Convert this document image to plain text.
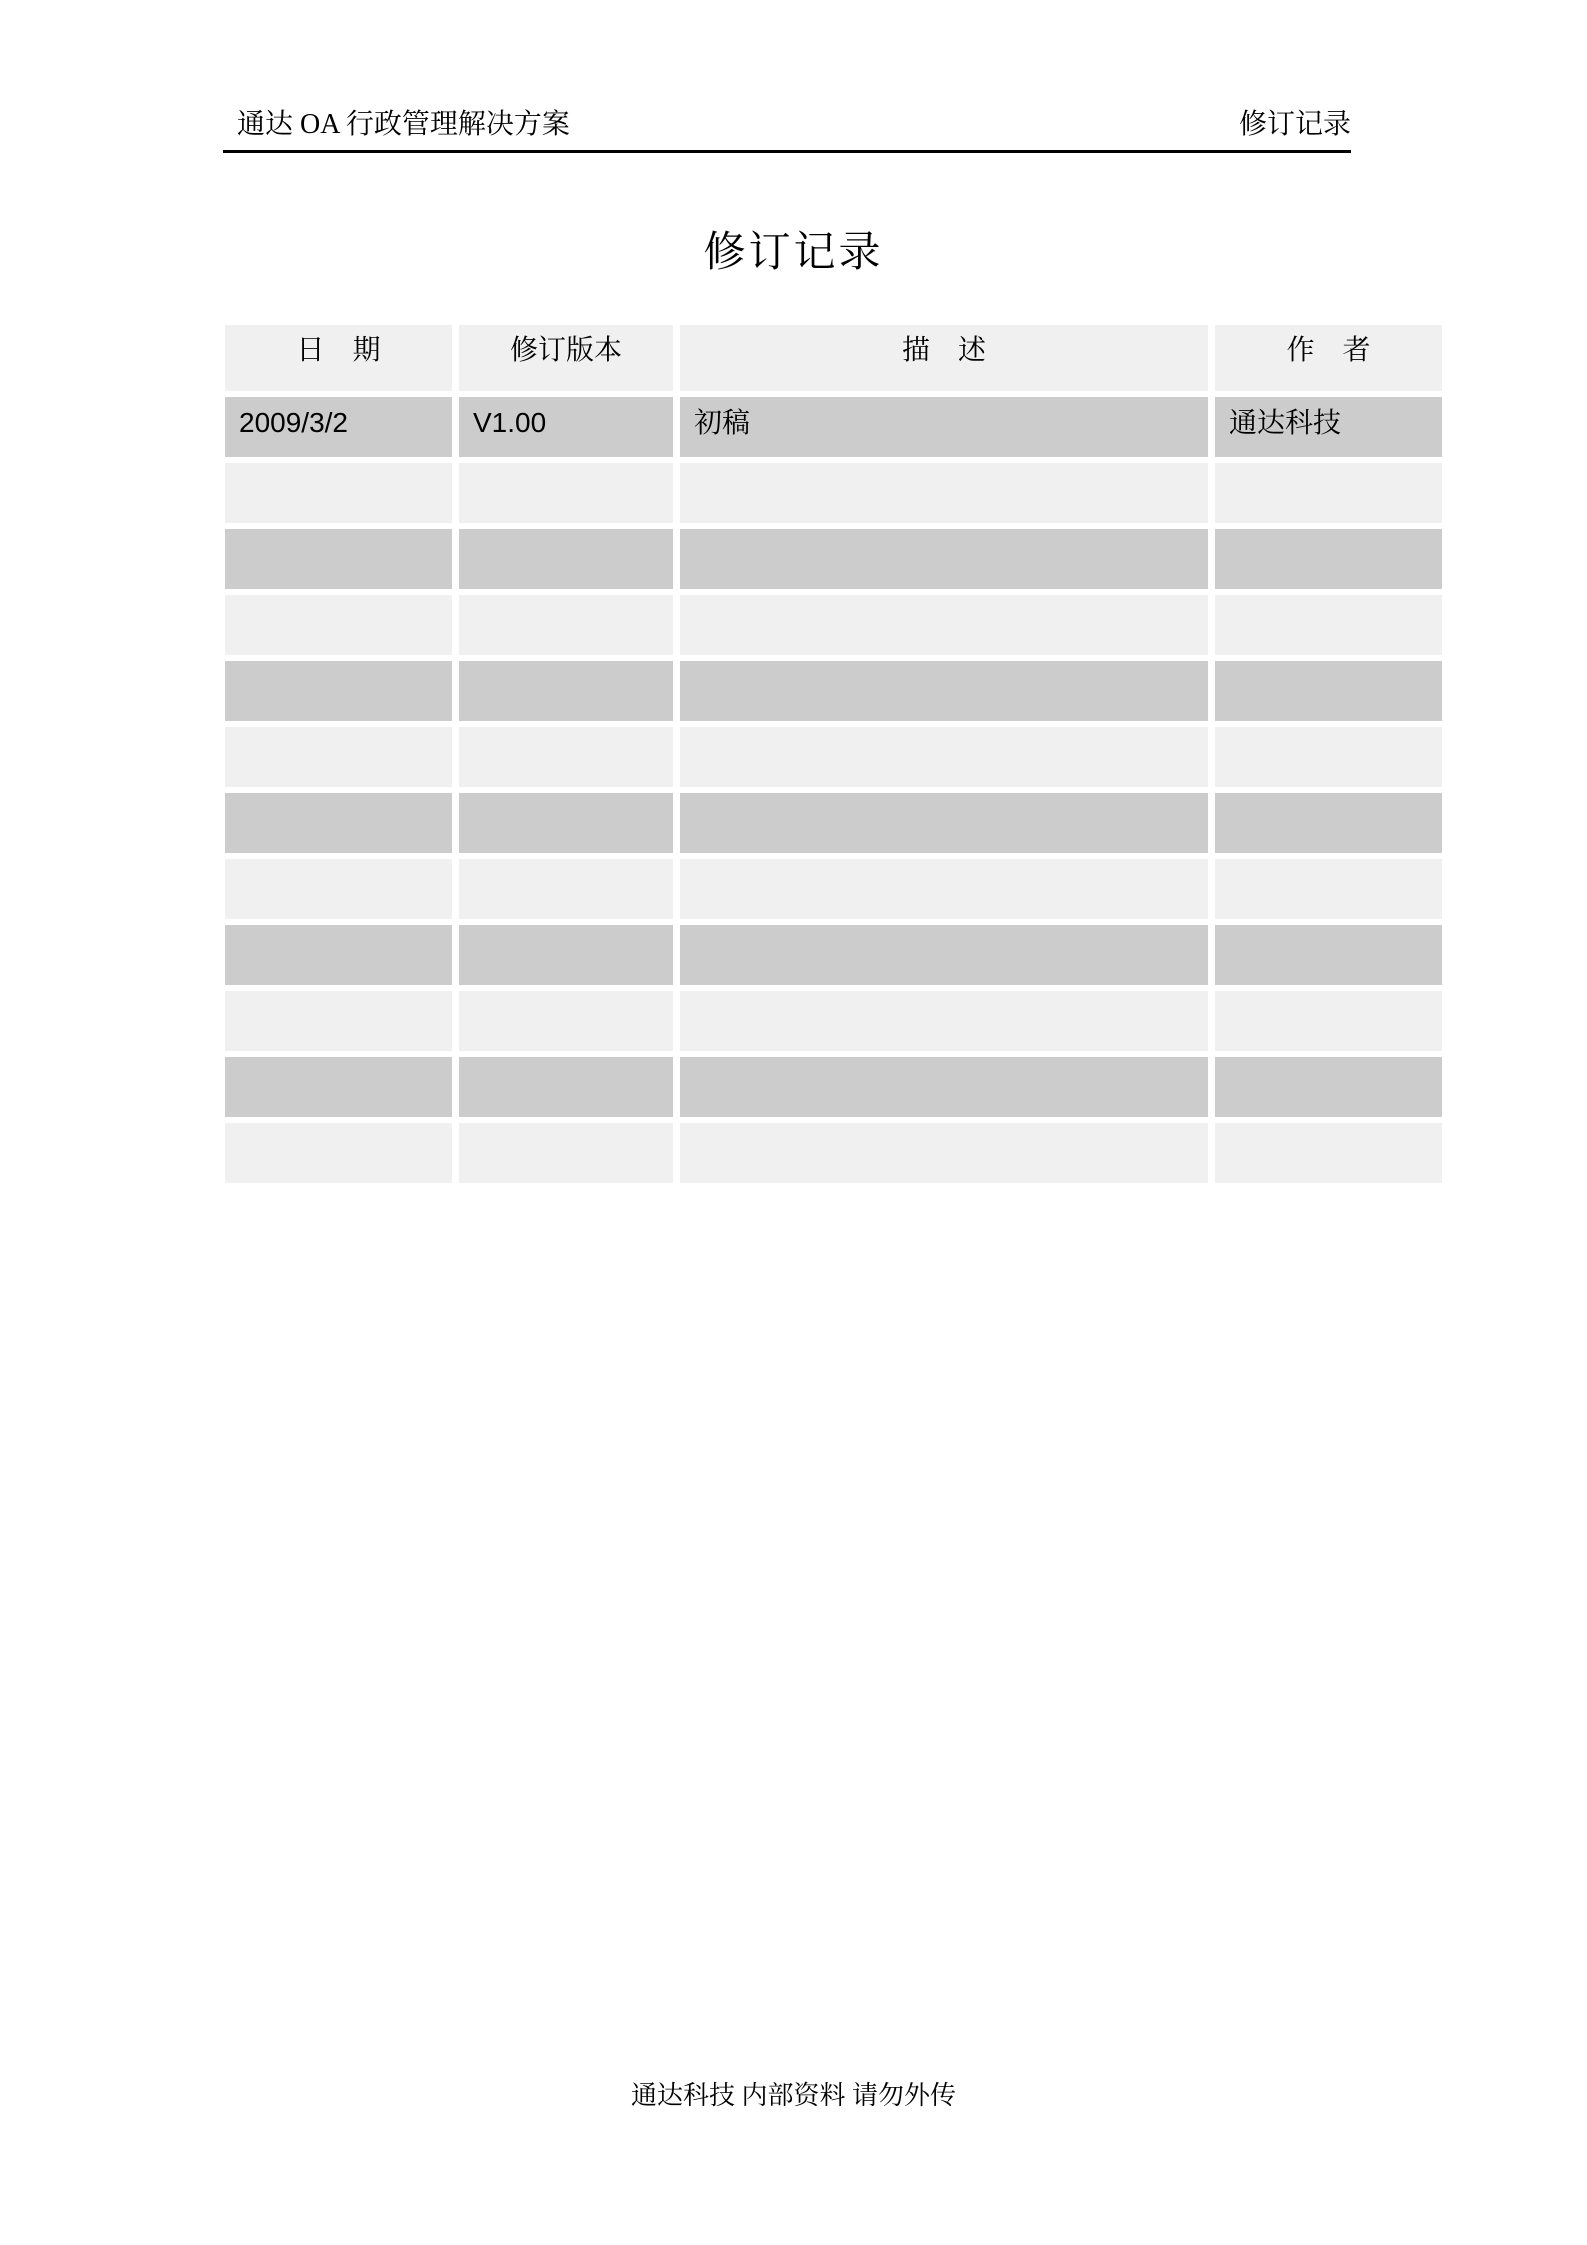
通达 OA 行政管理解决方案	修订记录
修订记录
日　期	修订版本	描　述	作　者
2009/3/2	V1.00	初稿	通达科技

通达科技 内部资料 请勿外传
